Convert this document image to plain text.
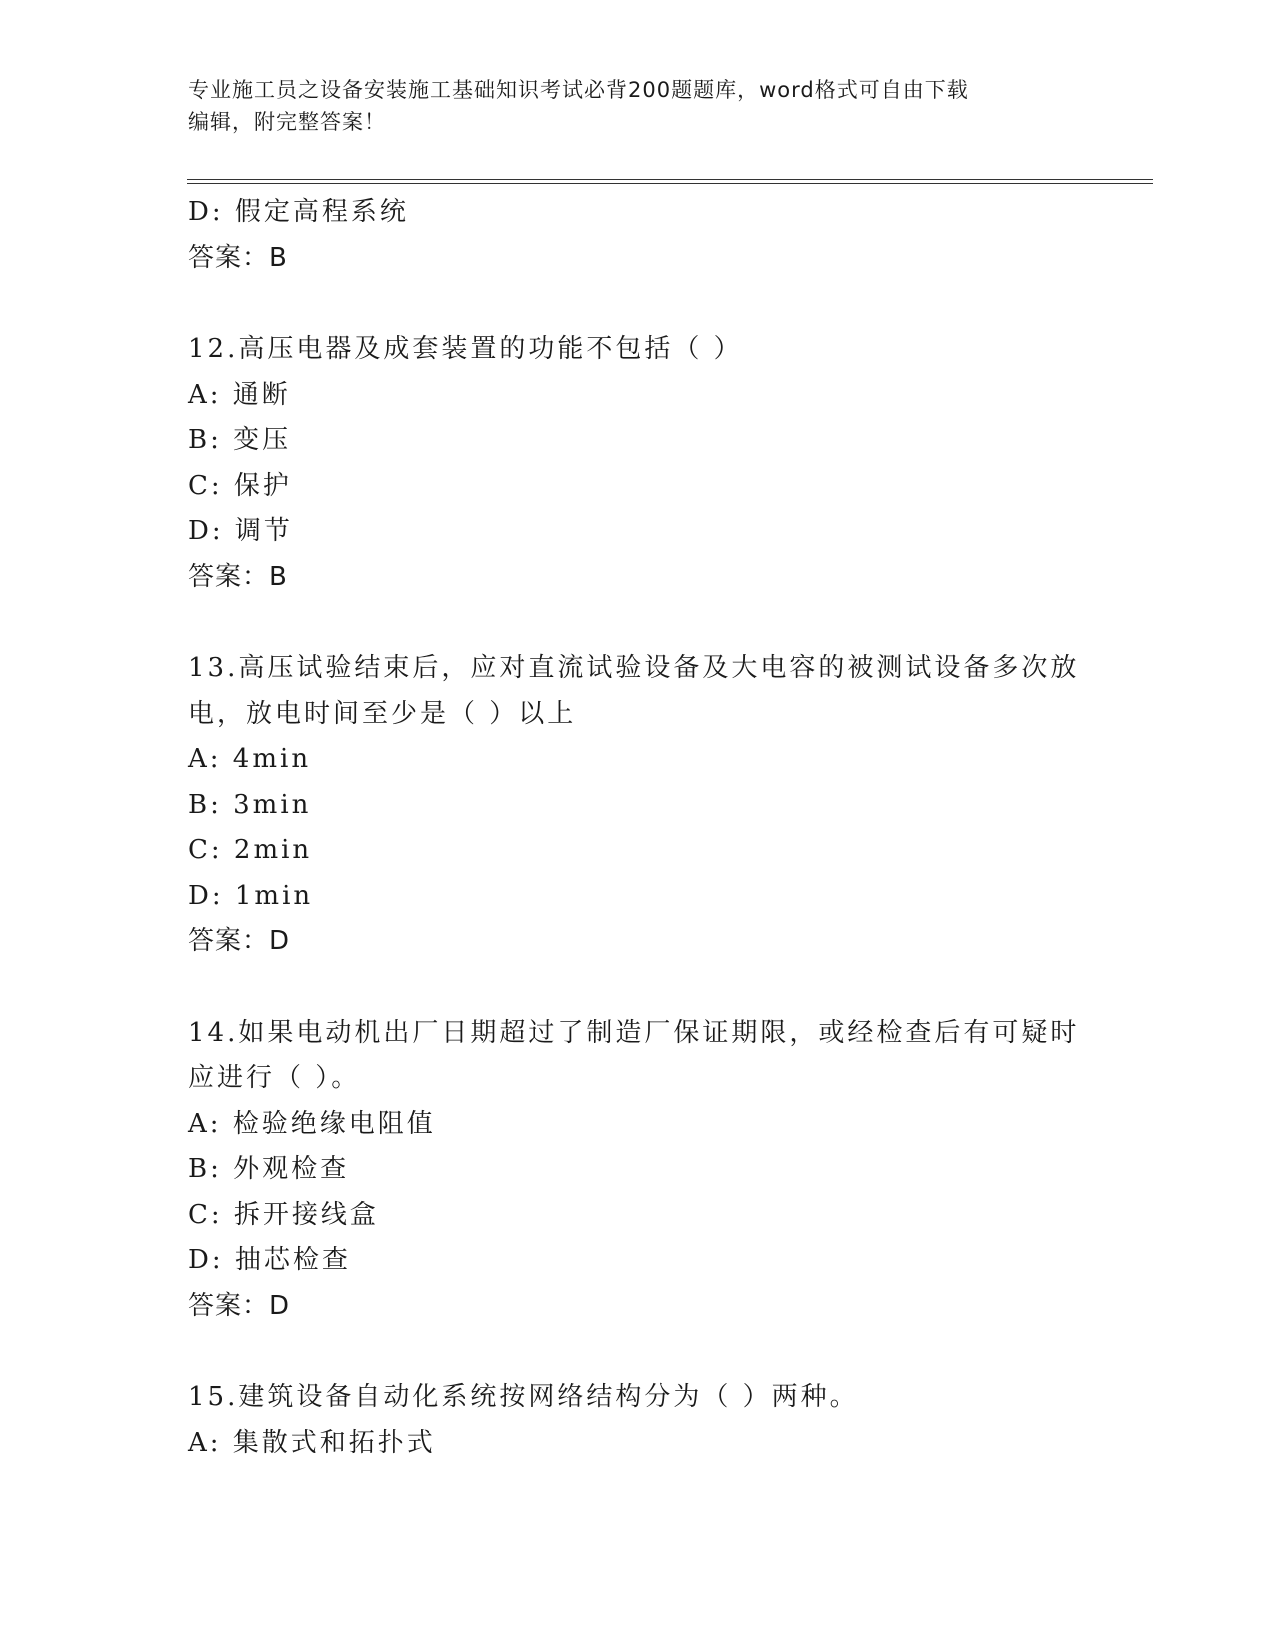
专业施工员之设备安装施工基础知识考试必背200题题库，word格式可自由下载
编辑，附完整答案！
D: 假定高程系统
答案：B
12.高压电器及成套装置的功能不包括（ ）
A: 通断
B: 变压
C: 保护
D: 调节
答案：B
13.高压试验结束后，应对直流试验设备及大电容的被测试设备多次放
电，放电时间至少是（ ）以上
A: 4min
B: 3min
C: 2min
D: 1min
答案：D
14.如果电动机出厂日期超过了制造厂保证期限，或经检查后有可疑时
应进行（ ）。
A: 检验绝缘电阻值
B: 外观检查
C: 拆开接线盒
D: 抽芯检查
答案：D
15.建筑设备自动化系统按网络结构分为（ ）两种。
A: 集散式和拓扑式
